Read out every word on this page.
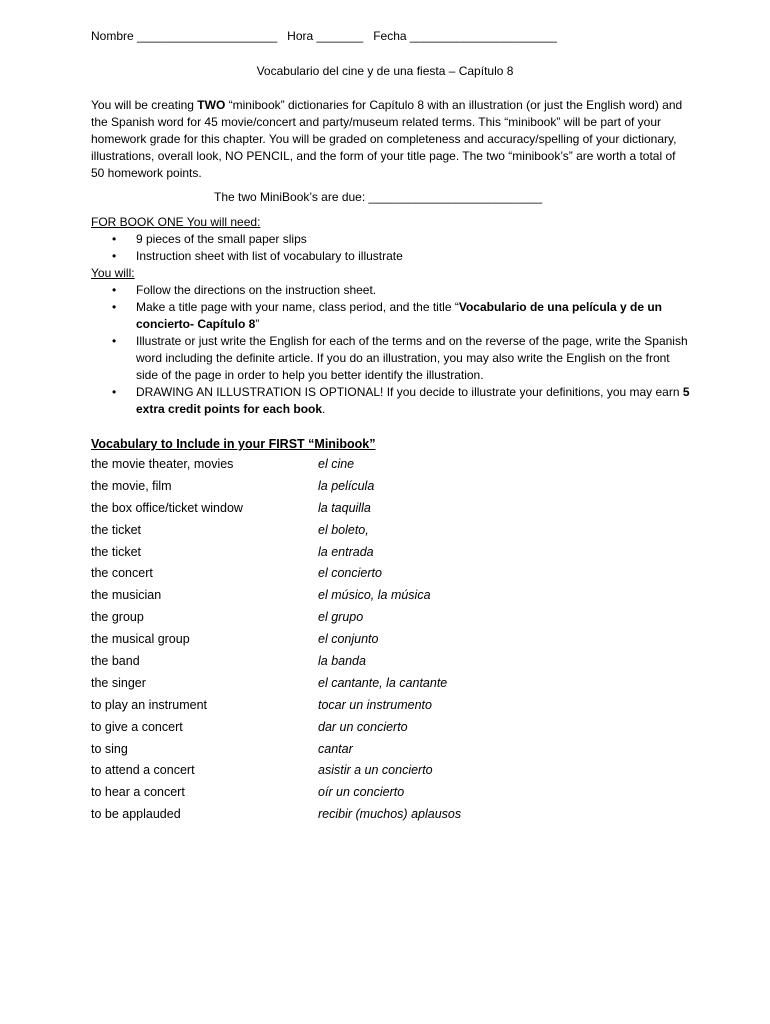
Nombre _____________________   Hora _______   Fecha ______________________
Vocabulario del cine y de una fiesta – Capítulo 8
You will be creating TWO “minibook” dictionaries for Capítulo 8 with an illustration (or just the English word) and the Spanish word for 45 movie/concert and party/museum related terms. This “minibook” will be part of your homework grade for this chapter. You will be graded on completeness and accuracy/spelling of your dictionary, illustrations, overall look, NO PENCIL, and the form of your title page. The two “minibook’s” are worth a total of 50 homework points.
The two MiniBook’s are due: __________________________
FOR BOOK ONE You will need:
• 9 pieces of the small paper slips
• Instruction sheet with list of vocabulary to illustrate
You will:
• Follow the directions on the instruction sheet.
• Make a title page with your name, class period, and the title “Vocabulario de una película y de un concierto- Capítulo 8”
• Illustrate or just write the English for each of the terms and on the reverse of the page, write the Spanish word including the definite article. If you do an illustration, you may also write the English on the front side of the page in order to help you better identify the illustration.
• DRAWING AN ILLUSTRATION IS OPTIONAL! If you decide to illustrate your definitions, you may earn 5 extra credit points for each book.
Vocabulary to Include in your FIRST “Minibook”
the movie theater, movies	el cine
the movie, film	la película
the box office/ticket window	la taquilla
the ticket	el boleto,
the ticket	la entrada
the concert	el concierto
the musician	el músico, la música
the group	el grupo
the musical group	el conjunto
the band	la banda
the singer	el cantante, la cantante
to play an instrument	tocar un instrumento
to give a concert	dar un concierto
to sing	cantar
to attend a concert	asistir a un concierto
to hear a concert	oír un concierto
to be applauded	recibir (muchos) aplausos
